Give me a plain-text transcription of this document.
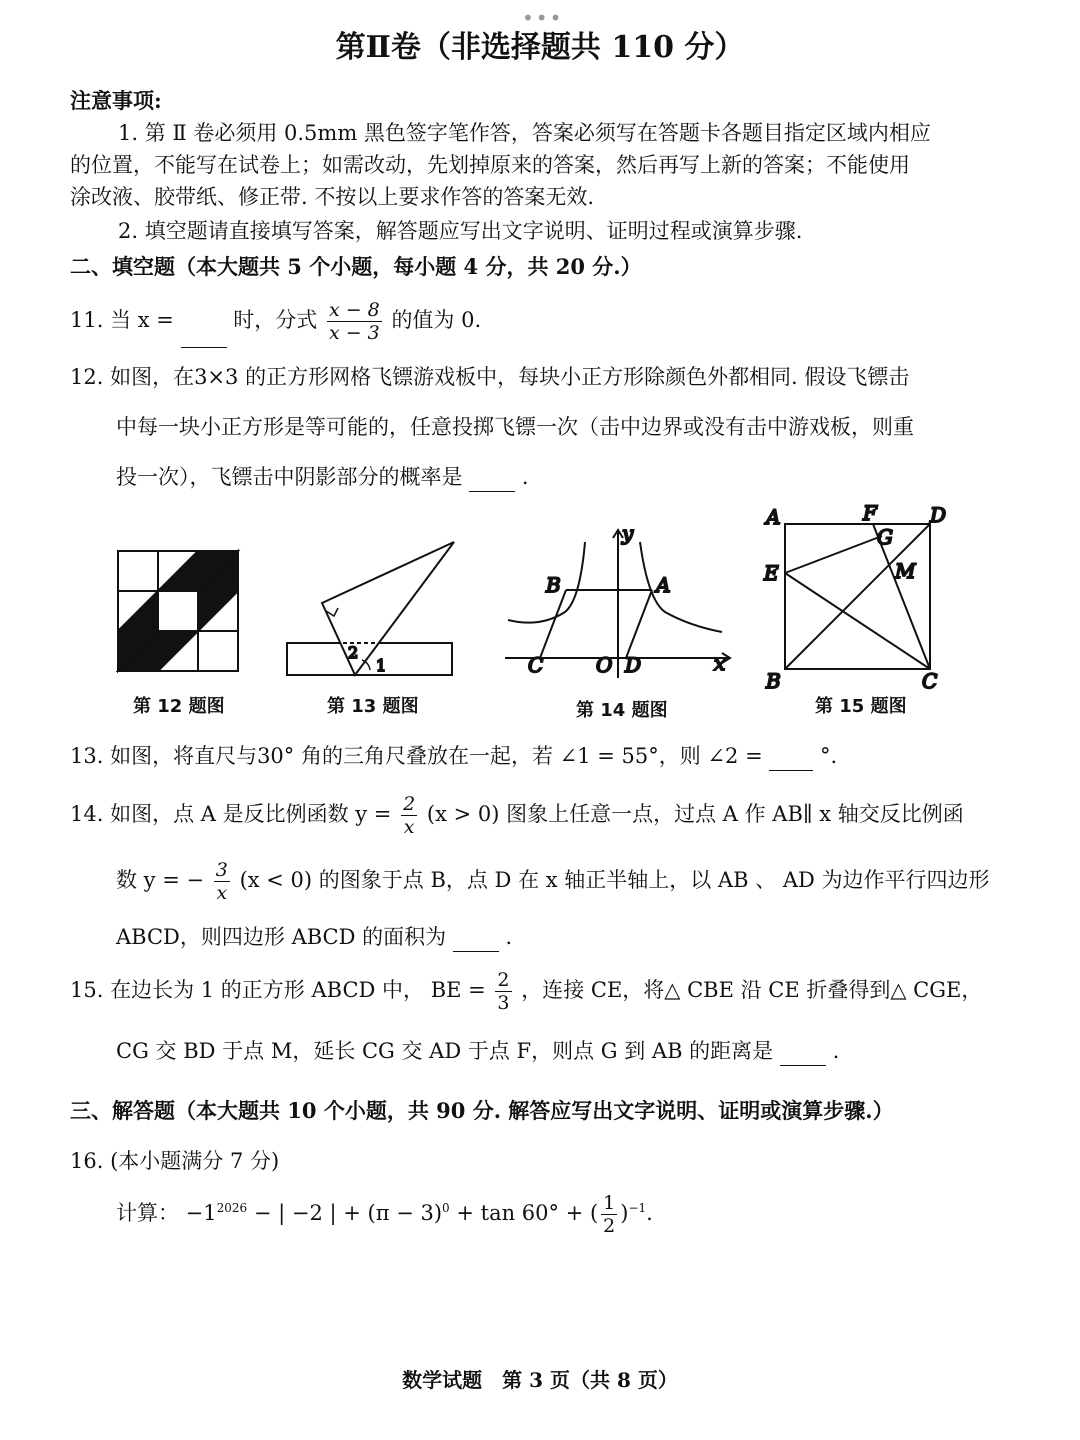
•••
第Ⅱ卷（非选择题共 110 分）
注意事项:
1. 第 Ⅱ 卷必须用 0.5mm 黑色签字笔作答，答案必须写在答题卡各题目指定区域内相应
的位置，不能写在试卷上；如需改动，先划掉原来的答案，然后再写上新的答案；不能使用
涂改液、胶带纸、修正带. 不按以上要求作答的答案无效.
2. 填空题请直接填写答案，解答题应写出文字说明、证明过程或演算步骤.
二、填空题（本大题共 5 个小题，每小题 4 分，共 20 分.）
11. 当 x =	时，分式 $\frac{x - 8}{x - 3}$ 的值为 0.
12. 如图，在3×3 的正方形网格飞镖游戏板中，每块小正方形除颜色外都相同. 假设飞镖击
中每一块小正方形是等可能的，任意投掷飞镖一次（击中边界或没有击中游戏板，则重
投一次），飞镖击中阴影部分的概率是	.
1
2
y
x
B	A
C	O D
A	F	D
G
E	M
B	C
第 12 题图	第 13 题图	第 14 题图	第 15 题图
13. 如图，将直尺与30° 角的三角尺叠放在一起，若 ∠1 = 55°，则 ∠2 =	°.
14. 如图，点 A 是反比例函数 $y = \frac{2}{x} (x > 0)$ 图象上任意一点，过点 A 作 AB∥ x 轴交反比例函
数 y = − $\frac{3}{x} (x < 0)$ 的图象于点 B，点 D 在 x 轴正半轴上，以 AB 、 AD 为边作平行四边形
ABCD，则四边形 ABCD 的面积为	.
15. 在边长为 1 的正方形 ABCD 中， BE = $\frac{2}{3}$ ，连接 CE，将△ CBE 沿 CE 折叠得到△ CGE，
CG 交 BD 于点 M，延长 CG 交 AD 于点 F，则点 G 到 AB 的距离是	.
三、解答题（本大题共 10 个小题，共 90 分. 解答应写出文字说明、证明或演算步骤.）
16. (本小题满分 7 分)
计算： $-1^{2026}$ − | −2 | + $(\pi - 3)^0 + \tan 60^\circ$ + ( $\frac{1}{2} )^{-1}$.
数学试题　第 3 页（共 8 页）
